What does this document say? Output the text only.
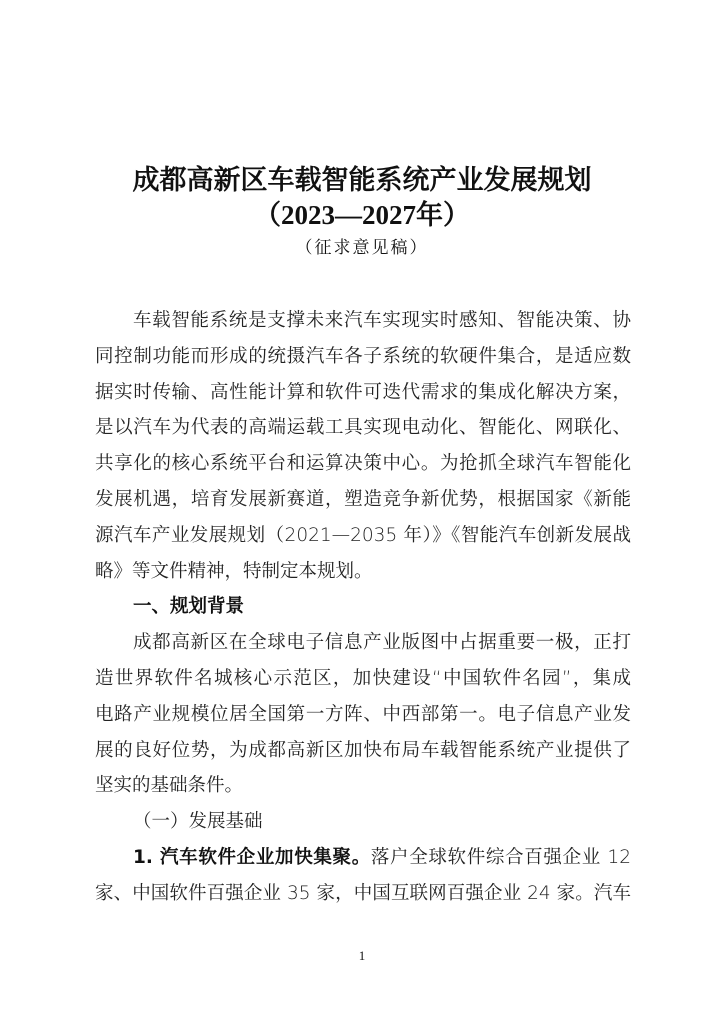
成都高新区车载智能系统产业发展规划
（2023—2027年）
（征求意见稿）
车载智能系统是支撑未来汽车实现实时感知、智能决策、协
同控制功能而形成的统摄汽车各子系统的软硬件集合，是适应数
据实时传输、高性能计算和软件可迭代需求的集成化解决方案，
是以汽车为代表的高端运载工具实现电动化、智能化、网联化、
共享化的核心系统平台和运算决策中心。为抢抓全球汽车智能化
发展机遇，培育发展新赛道，塑造竞争新优势，根据国家《新能
源汽车产业发展规划（2021—2035 年）》《智能汽车创新发展战
略》等文件精神，特制定本规划。
一、规划背景
成都高新区在全球电子信息产业版图中占据重要一极，正打
造世界软件名城核心示范区，加快建设“中国软件名园”，集成
电路产业规模位居全国第一方阵、中西部第一。电子信息产业发
展的良好位势，为成都高新区加快布局车载智能系统产业提供了
坚实的基础条件。
（一）发展基础
1. 汽车软件企业加快集聚。落户全球软件综合百强企业 12
家、中国软件百强企业 35 家，中国互联网百强企业 24 家。汽车
1
